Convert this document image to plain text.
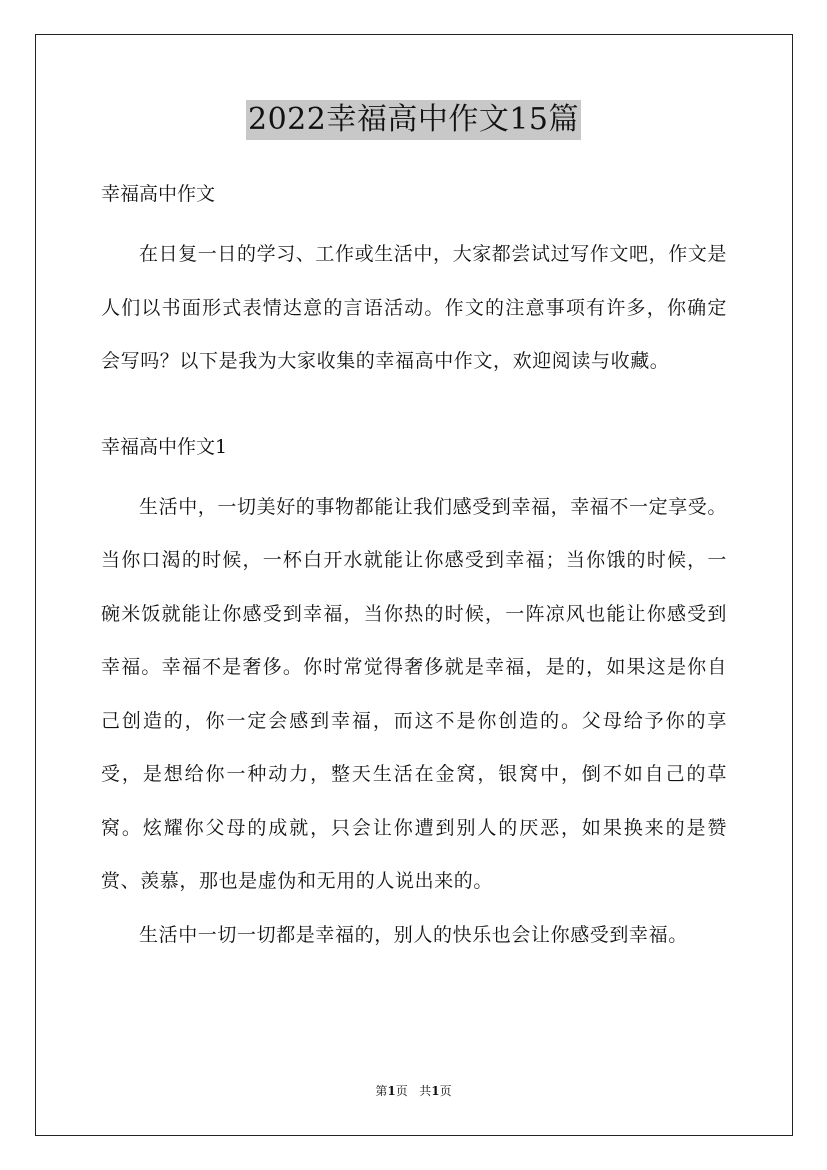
2022幸福高中作文15篇

幸福高中作文

在日复一日的学习、工作或生活中，大家都尝试过写作文吧，作文是人们以书面形式表情达意的言语活动。作文的注意事项有许多，你确定会写吗？以下是我为大家收集的幸福高中作文，欢迎阅读与收藏。

幸福高中作文1

生活中，一切美好的事物都能让我们感受到幸福，幸福不一定享受。当你口渴的时候，一杯白开水就能让你感受到幸福；当你饿的时候，一碗米饭就能让你感受到幸福，当你热的时候，一阵凉风也能让你感受到幸福。幸福不是奢侈。你时常觉得奢侈就是幸福，是的，如果这是你自己创造的，你一定会感到幸福，而这不是你创造的。父母给予你的享受，是想给你一种动力，整天生活在金窝，银窝中，倒不如自己的草窝。炫耀你父母的成就，只会让你遭到别人的厌恶，如果换来的是赞赏、羡慕，那也是虚伪和无用的人说出来的。

生活中一切一切都是幸福的，别人的快乐也会让你感受到幸福。

第1页 共1页
